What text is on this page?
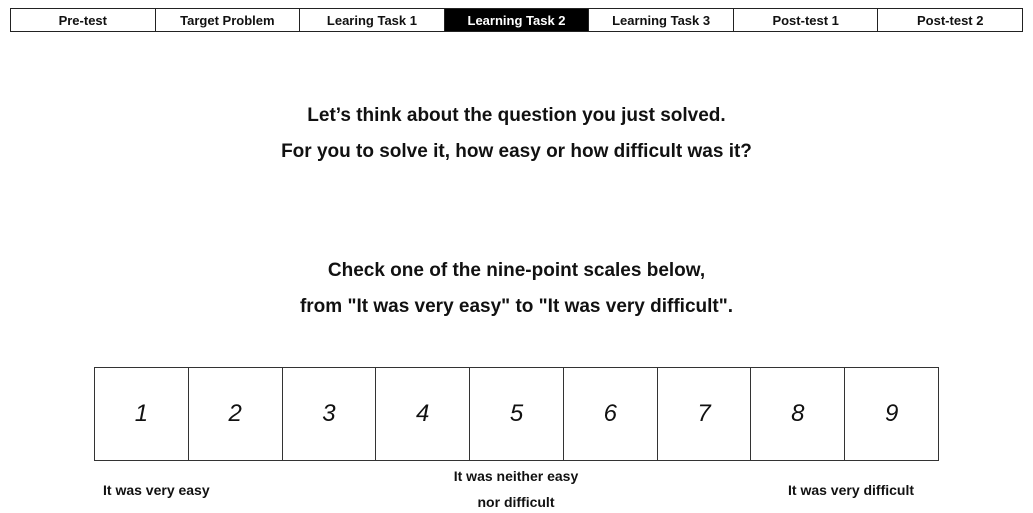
Pre-test	Target Problem	Learing Task 1	Learning Task 2	Learning Task 3	Post-test 1	Post-test 2
Let’s think about the question you just solved.
For you to solve it, how easy or how difficult was it?
Check one of the nine-point scales below,
from "It was very easy" to "It was very difficult".
1	2	3	4	5	6	7	8	9
It was very easy
It was neither easy
nor difficult
It was very difficult
